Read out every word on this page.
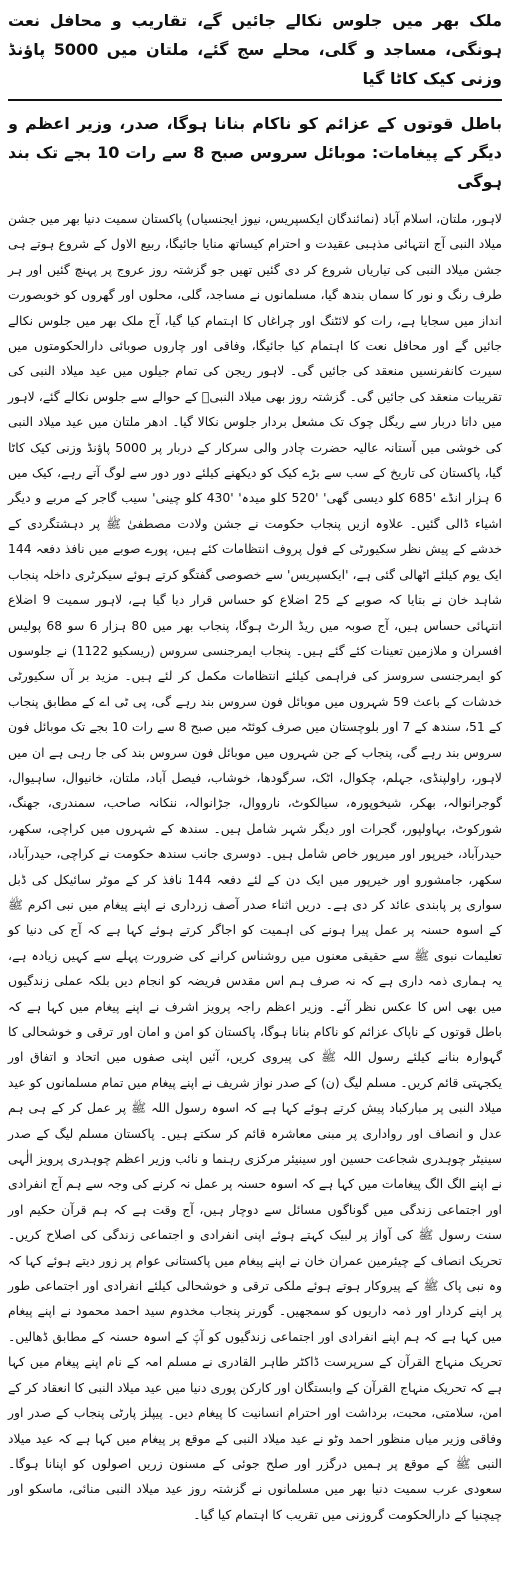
ملک بھر میں جلوس نکالے جائیں گے، تقاریب و محافل نعت ہونگی، مساجد و گلی، محلے سج گئے، ملتان میں 5000 پاؤنڈ وزنی کیک کاٹا گیا
باطل قوتوں کے عزائم کو ناکام بنانا ہوگا، صدر، وزیر اعظم و دیگر کے پیغامات: موبائل سروس صبح 8 سے رات 10 بجے تک بند ہوگی

لاہور، ملتان، اسلام آباد (نمائندگان ایکسپریس، نیوز ایجنسیاں) پاکستان سمیت دنیا بھر میں جشن میلاد النبی آج انتہائی مذہبی عقیدت و احترام کیساتھ منایا جائیگا، ربیع الاول کے شروع ہوتے ہی جشن میلاد النبی کی تیاریاں شروع کر دی گئیں تھیں جو گزشتہ روز عروج پر پہنچ گئیں اور ہر طرف رنگ و نور کا سماں بندھ گیا، مسلمانوں نے مساجد، گلی، محلوں اور گھروں کو خوبصورت انداز میں سجایا ہے، رات کو لائٹنگ اور چراغاں کا اہتمام کیا گیا، آج ملک بھر میں جلوس نکالے جائیں گے اور محافل نعت کا اہتمام کیا جائیگا، وفاقی اور چاروں صوبائی دارالحکومتوں میں سیرت کانفرنسیں منعقد کی جائیں گی۔ لاہور ریجن کی تمام جیلوں میں عید میلاد النبی کی تقریبات منعقد کی جائیں گی۔ گزشتہ روز بھی میلاد النبیؐ کے حوالے سے جلوس نکالے گئے، لاہور میں داتا دربار سے ریگل چوک تک مشعل بردار جلوس نکالا گیا۔ ادھر ملتان میں عید میلاد النبی کی خوشی میں آستانہ عالیہ حضرت چادر والی سرکار کے دربار پر 5000 پاؤنڈ وزنی کیک کاٹا گیا، پاکستان کی تاریخ کے سب سے بڑے کیک کو دیکھنے کیلئے دور دور سے لوگ آتے رہے، کیک میں 6 ہزار انڈے '685 کلو دیسی گھی' '520 کلو میدہ' '430 کلو چینی' سیب گاجر کے مربے و دیگر اشیاء ڈالی گئیں۔ علاوہ ازیں پنجاب حکومت نے جشن ولادت مصطفیٰ ﷺ پر دہشتگردی کے خدشے کے پیش نظر سکیورٹی کے فول پروف انتظامات کئے ہیں، پورے صوبے میں نافذ دفعہ 144 ایک یوم کیلئے اٹھالی گئی ہے، 'ایکسپریس' سے خصوصی گفتگو کرتے ہوئے سیکرٹری داخلہ پنجاب شاہد خان نے بتایا کہ صوبے کے 25 اضلاع کو حساس قرار دیا گیا ہے، لاہور سمیت 9 اضلاع انتہائی حساس ہیں، آج صوبہ میں ریڈ الرٹ ہوگا، پنجاب بھر میں 80 ہزار 6 سو 68 پولیس افسران و ملازمین تعینات کئے گئے ہیں۔ پنجاب ایمرجنسی سروس (ریسکیو 1122) نے جلوسوں کو ایمرجنسی سروسز کی فراہمی کیلئے انتظامات مکمل کر لئے ہیں۔ مزید بر آں سکیورٹی خدشات کے باعث 59 شہروں میں موبائل فون سروس بند رہے گی، پی ٹی اے کے مطابق پنجاب کے 51، سندھ کے 7 اور بلوچستان میں صرف کوئٹہ میں صبح 8 سے رات 10 بجے تک موبائل فون سروس بند رہے گی، پنجاب کے جن شہروں میں موبائل فون سروس بند کی جا رہی ہے ان میں لاہور، راولپنڈی، جہلم، چکوال، اٹک، سرگودھا، خوشاب، فیصل آباد، ملتان، خانیوال، ساہیوال، گوجرانوالہ، بھکر، شیخوپورہ، سیالکوٹ، نارووال، جڑانوالہ، ننکانہ صاحب، سمندری، جھنگ، شورکوٹ، بہاولپور، گجرات اور دیگر شہر شامل ہیں۔ سندھ کے شہروں میں کراچی، سکھر، حیدرآباد، خیرپور اور میرپور خاص شامل ہیں۔ دوسری جانب سندھ حکومت نے کراچی، حیدرآباد، سکھر، جامشورو اور خیرپور میں ایک دن کے لئے دفعہ 144 نافذ کر کے موٹر سائیکل کی ڈبل سواری پر پابندی عائد کر دی ہے۔ دریں اثناء صدر آصف زرداری نے اپنے پیغام میں نبی اکرم ﷺ کے اسوہ حسنہ پر عمل پیرا ہونے کی اہمیت کو اجاگر کرتے ہوئے کہا ہے کہ آج کی دنیا کو تعلیمات نبوی ﷺ سے حقیقی معنوں میں روشناس کرانے کی ضرورت پہلے سے کہیں زیادہ ہے، یہ ہماری ذمہ داری ہے کہ نہ صرف ہم اس مقدس فریضہ کو انجام دیں بلکہ عملی زندگیوں میں بھی اس کا عکس نظر آئے۔ وزیر اعظم راجہ پرویز اشرف نے اپنے پیغام میں کہا ہے کہ باطل قوتوں کے ناپاک عزائم کو ناکام بنانا ہوگا، پاکستان کو امن و امان اور ترقی و خوشحالی کا گہوارہ بنانے کیلئے رسول اللہ ﷺ کی پیروی کریں، آئیں اپنی صفوں میں اتحاد و اتفاق اور یکجہتی قائم کریں۔ مسلم لیگ (ن) کے صدر نواز شریف نے اپنے پیغام میں تمام مسلمانوں کو عید میلاد النبی پر مبارکباد پیش کرتے ہوئے کہا ہے کہ اسوہ رسول اللہ ﷺ پر عمل کر کے ہی ہم عدل و انصاف اور رواداری پر مبنی معاشرہ قائم کر سکتے ہیں۔ پاکستان مسلم لیگ کے صدر سینیٹر چوہدری شجاعت حسین اور سینیئر مرکزی رہنما و نائب وزیر اعظم چوہدری پرویز الٰہی نے اپنے الگ الگ پیغامات میں کہا ہے کہ اسوہ حسنہ پر عمل نہ کرنے کی وجہ سے ہم آج انفرادی اور اجتماعی زندگی میں گوناگوں مسائل سے دوچار ہیں، آج وقت ہے کہ ہم قرآن حکیم اور سنت رسول ﷺ کی آواز پر لبیک کہتے ہوئے اپنی انفرادی و اجتماعی زندگی کی اصلاح کریں۔ تحریک انصاف کے چیئرمین عمران خان نے اپنے پیغام میں پاکستانی عوام پر زور دیتے ہوئے کہا کہ وہ نبی پاک ﷺ کے پیروکار ہوتے ہوئے ملکی ترقی و خوشحالی کیلئے انفرادی اور اجتماعی طور پر اپنے کردار اور ذمہ داریوں کو سمجھیں۔ گورنر پنجاب مخدوم سید احمد محمود نے اپنے پیغام میں کہا ہے کہ ہم اپنے انفرادی اور اجتماعی زندگیوں کو آپؐ کے اسوہ حسنہ کے مطابق ڈھالیں۔ تحریک منہاج القرآن کے سرپرست ڈاکٹر طاہر القادری نے مسلم امہ کے نام اپنے پیغام میں کہا ہے کہ تحریک منہاج القرآن کے وابستگان اور کارکن پوری دنیا میں عید میلاد النبی کا انعقاد کر کے امن، سلامتی، محبت، برداشت اور احترام انسانیت کا پیغام دیں۔ پیپلز پارٹی پنجاب کے صدر اور وفاقی وزیر میاں منظور احمد وٹو نے عید میلاد النبی کے موقع پر پیغام میں کہا ہے کہ عید میلاد النبی ﷺ کے موقع پر ہمیں درگزر اور صلح جوئی کے مسنون زریں اصولوں کو اپنانا ہوگا۔ سعودی عرب سمیت دنیا بھر میں مسلمانوں نے گزشتہ روز عید میلاد النبی منائی، ماسکو اور چیچنیا کے دارالحکومت گروزنی میں تقریب کا اہتمام کیا گیا۔
